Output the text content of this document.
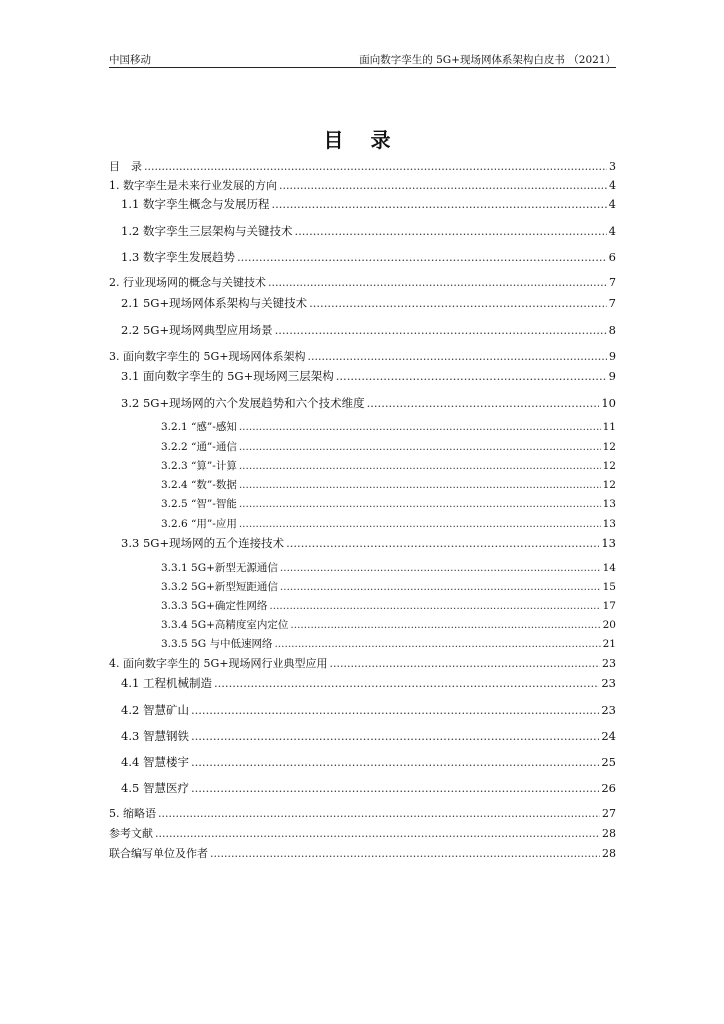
中国移动	面向数字孪生的 5G+现场网体系架构白皮书 （2021）
目 录
目　录 .....	3
1. 数字孪生是未来行业发展的方向 .....	4
1.1 数字孪生概念与发展历程 .....	4
1.2 数字孪生三层架构与关键技术 .....	4
1.3 数字孪生发展趋势 .....	6
2. 行业现场网的概念与关键技术 .....	7
2.1 5G+现场网体系架构与关键技术 .....	7
2.2 5G+现场网典型应用场景 .....	8
3. 面向数字孪生的 5G+现场网体系架构 .....	9
3.1 面向数字孪生的 5G+现场网三层架构 .....	9
3.2 5G+现场网的六个发展趋势和六个技术维度 .....	10
3.2.1 “感”-感知 .....	11
3.2.2 “通”-通信 .....	12
3.2.3 “算”-计算 .....	12
3.2.4 “数”-数据 .....	12
3.2.5 “智”-智能 .....	13
3.2.6 “用”-应用 .....	13
3.3 5G+现场网的五个连接技术 .....	13
3.3.1 5G+新型无源通信 .....	14
3.3.2 5G+新型短距通信 .....	15
3.3.3 5G+确定性网络 .....	17
3.3.4 5G+高精度室内定位 .....	20
3.3.5 5G 与中低速网络 .....	21
4. 面向数字孪生的 5G+现场网行业典型应用 .....	23
4.1 工程机械制造 .....	23
4.2 智慧矿山 .....	23
4.3 智慧钢铁 .....	24
4.4 智慧楼宇 .....	25
4.5 智慧医疗 .....	26
5. 缩略语 .....	27
参考文献 .....	28
联合编写单位及作者 .....	28
